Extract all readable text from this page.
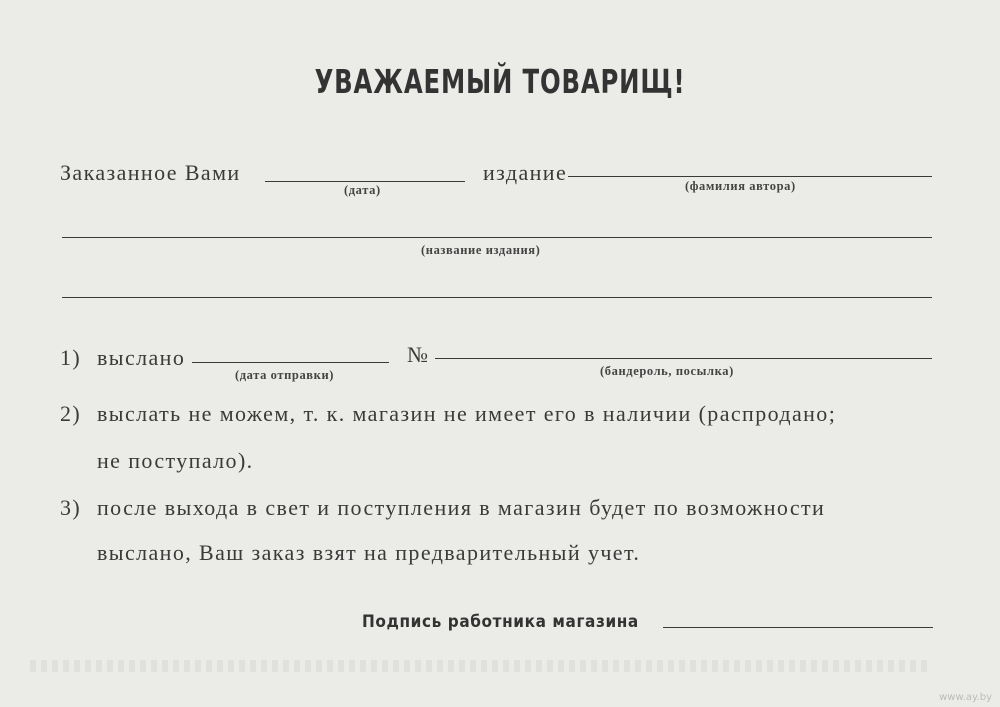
УВАЖАЕМЫЙ ТОВАРИЩ!
Заказанное Вами
(дата)
издание
(фамилия автора)
(название издания)
1) выслано
(дата отправки)
№
(бандероль, посылка)
2) выслать не можем, т. к. магазин не имеет его в наличии (распродано;
не поступало).
3) после выхода в свет и поступления в магазин будет по возможности
выслано, Ваш заказ взят на предварительный учет.
Подпись работника магазина
www.ay.by
